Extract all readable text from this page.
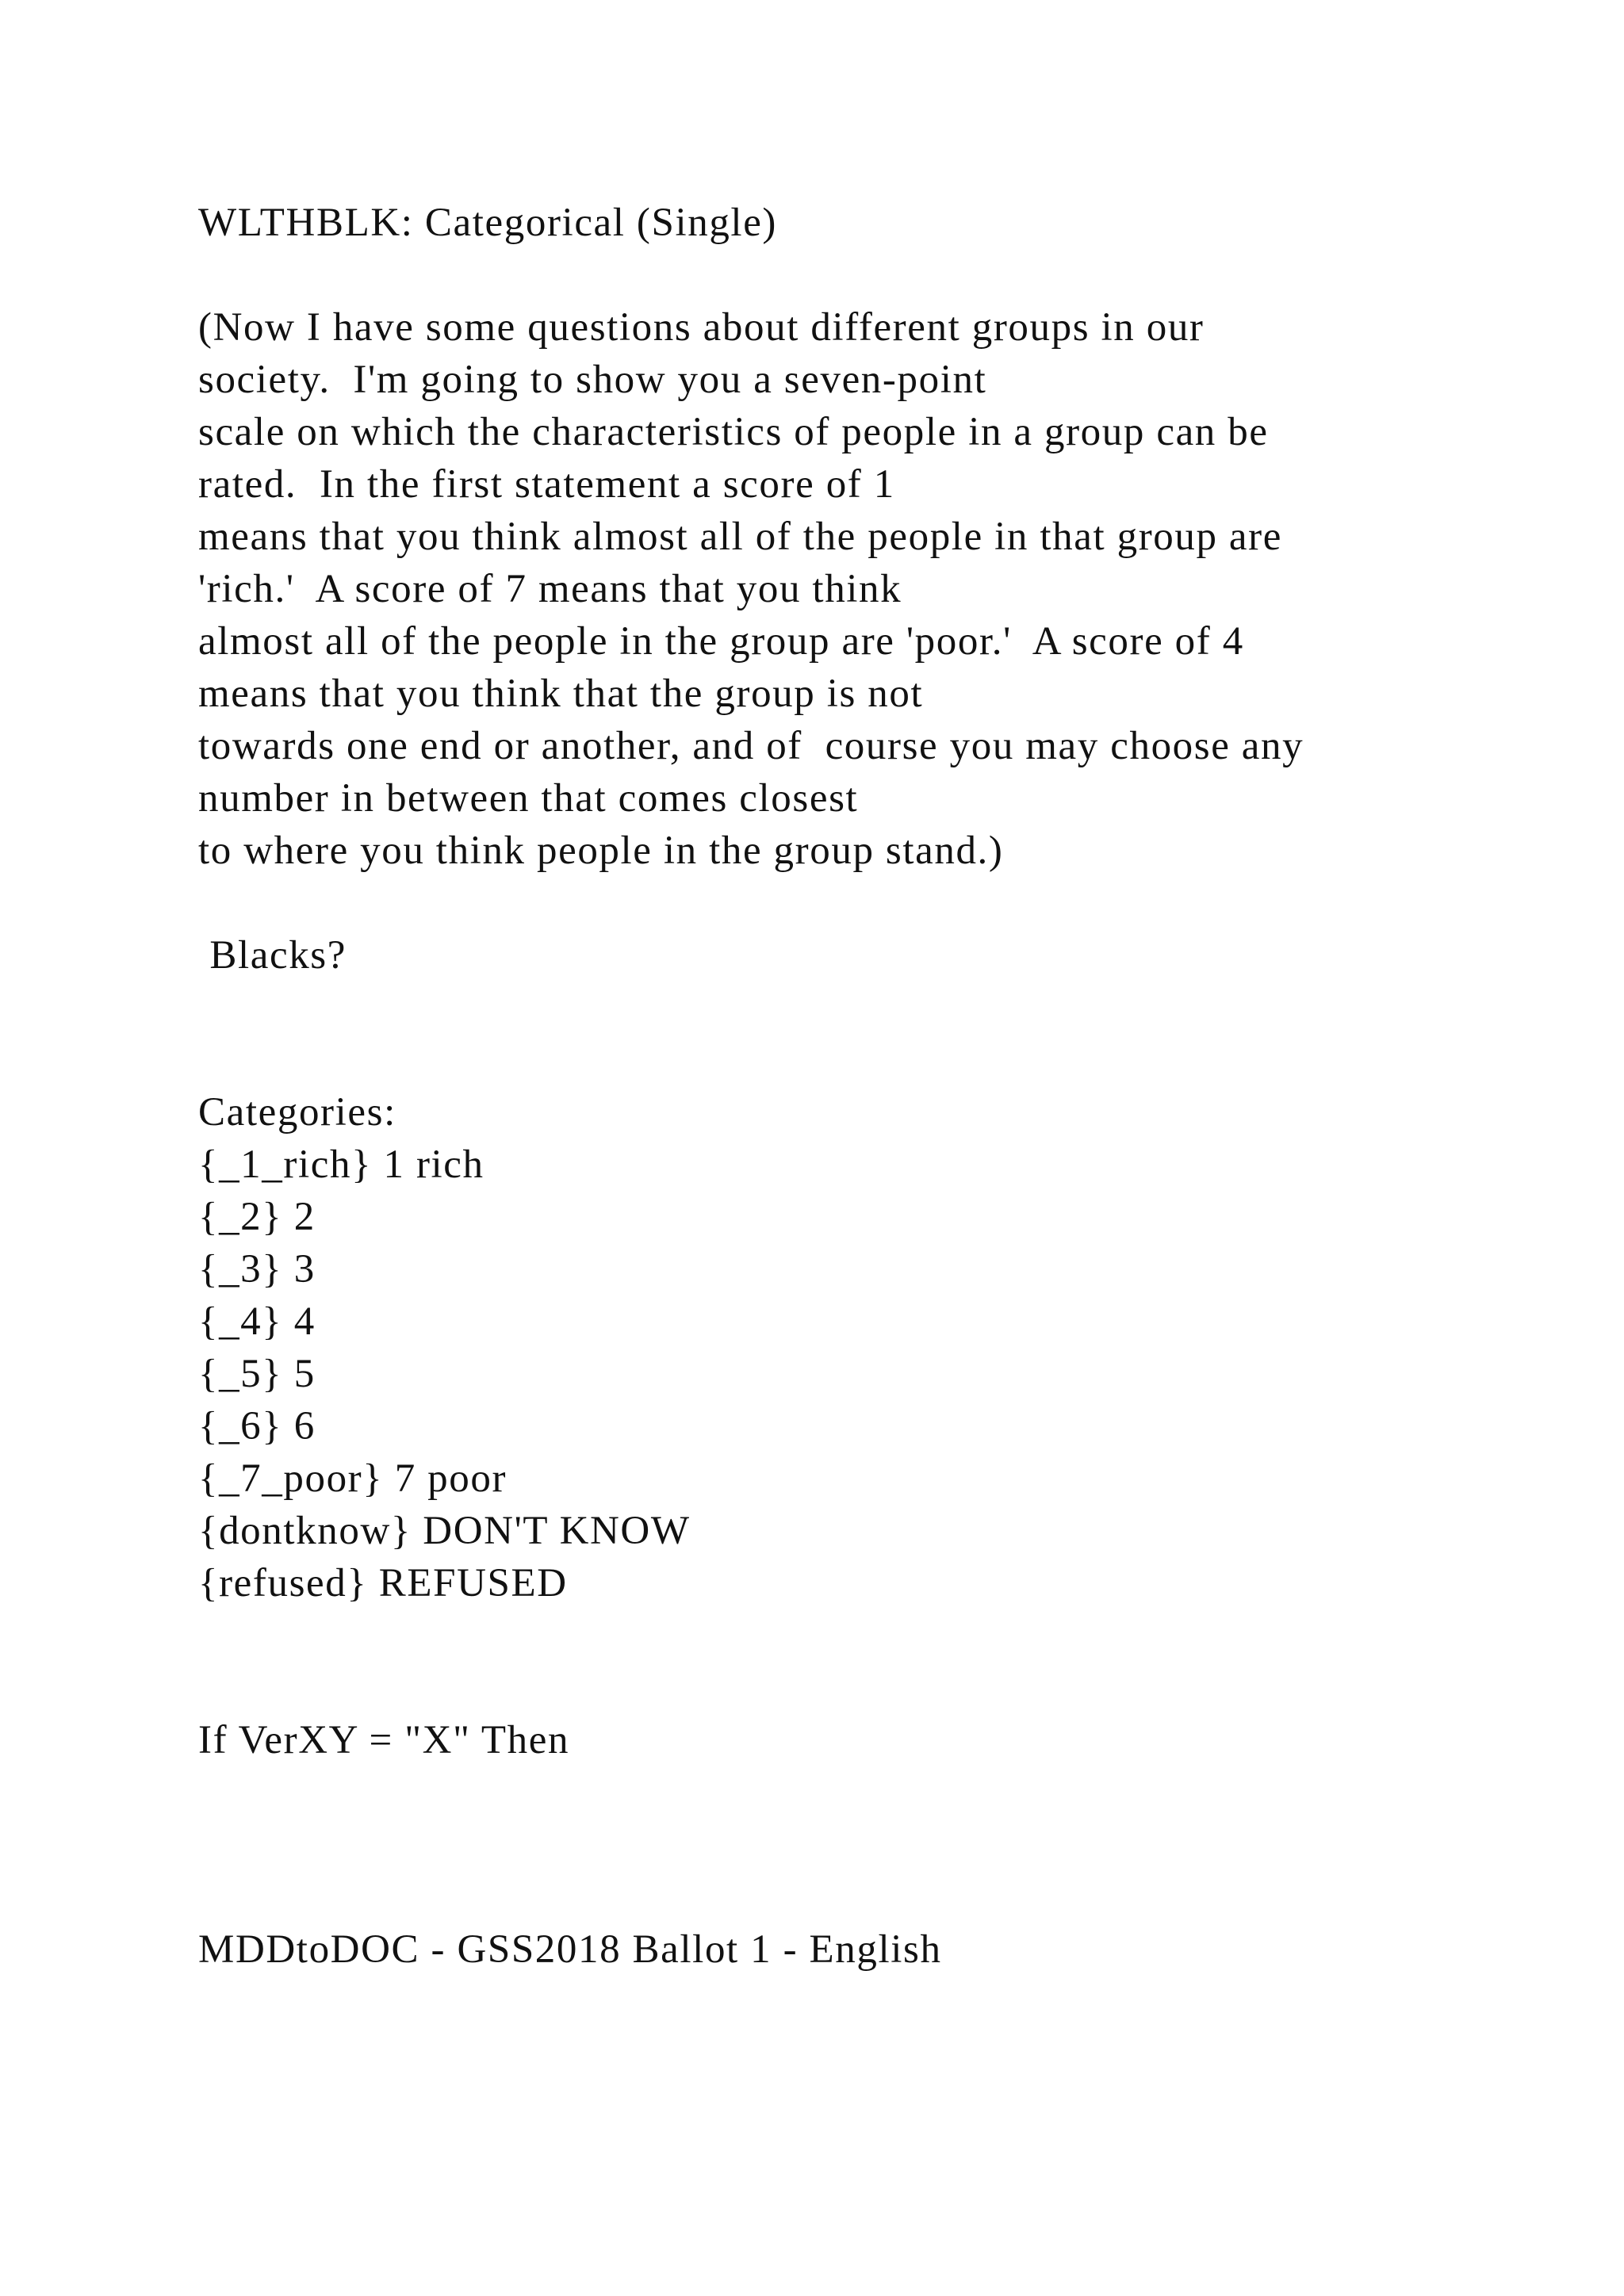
WLTHBLK: Categorical (Single)
(Now I have some questions about different groups in our
society.  I'm going to show you a seven-point
scale on which the characteristics of people in a group can be
rated.  In the first statement a score of 1
means that you think almost all of the people in that group are
'rich.'  A score of 7 means that you think
almost all of the people in the group are 'poor.'  A score of 4
means that you think that the group is not
towards one end or another, and of  course you may choose any
number in between that comes closest
to where you think people in the group stand.)
Blacks?
Categories:
{_1_rich} 1 rich
{_2} 2
{_3} 3
{_4} 4
{_5} 5
{_6} 6
{_7_poor} 7 poor
{dontknow} DON'T KNOW
{refused} REFUSED
If VerXY = "X" Then
MDDtoDOC - GSS2018 Ballot 1 - English
